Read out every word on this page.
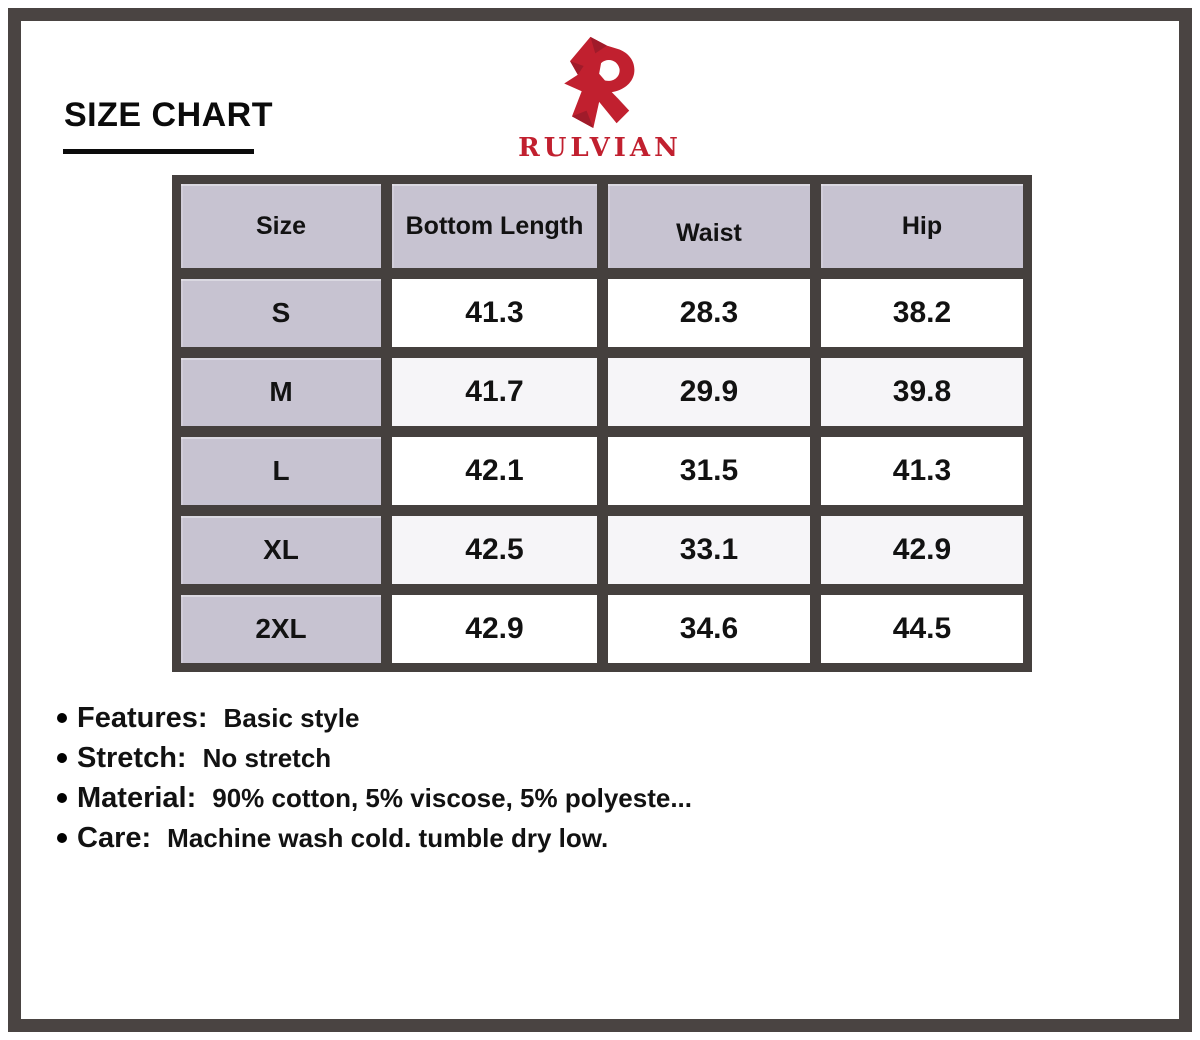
SIZE CHART
RULVIAN
Size	Bottom Length	Waist	Hip
S	41.3	28.3	38.2
M	41.7	29.9	39.8
L	42.1	31.5	41.3
XL	42.5	33.1	42.9
2XL	42.9	34.6	44.5
Features: Basic style
Stretch: No stretch
Material: 90% cotton, 5% viscose, 5% polyeste...
Care: Machine wash cold. tumble dry low.
